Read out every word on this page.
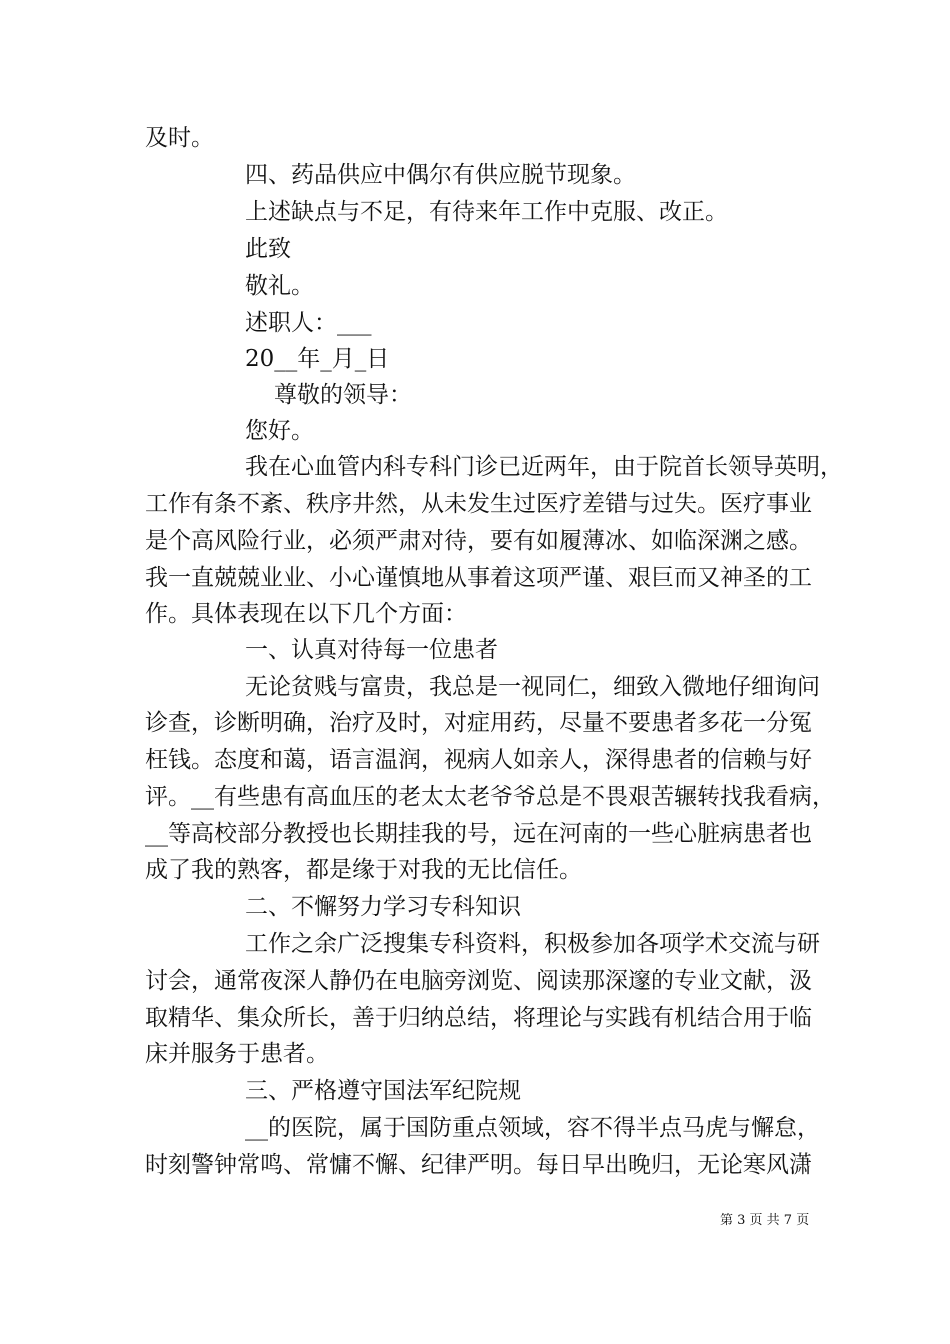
及时。

四、药品供应中偶尔有供应脱节现象。

上述缺点与不足，有待来年工作中克服、改正。

此致

敬礼。

述职人：___

20__年_月_日

尊敬的领导：

您好。

我在心血管内科专科门诊已近两年，由于院首长领导英明，

工作有条不紊、秩序井然，从未发生过医疗差错与过失。医疗事业

是个高风险行业，必须严肃对待，要有如履薄冰、如临深渊之感。

我一直兢兢业业、小心谨慎地从事着这项严谨、艰巨而又神圣的工

作。具体表现在以下几个方面：

一、认真对待每一位患者

无论贫贱与富贵，我总是一视同仁，细致入微地仔细询问

诊查，诊断明确，治疗及时，对症用药，尽量不要患者多花一分冤

枉钱。态度和蔼，语言温润，视病人如亲人，深得患者的信赖与好

评。__有些患有高血压的老太太老爷爷总是不畏艰苦辗转找我看病，

__等高校部分教授也长期挂我的号，远在河南的一些心脏病患者也

成了我的熟客，都是缘于对我的无比信任。

二、不懈努力学习专科知识

工作之余广泛搜集专科资料，积极参加各项学术交流与研

讨会，通常夜深人静仍在电脑旁浏览、阅读那深邃的专业文献，汲

取精华、集众所长，善于归纳总结，将理论与实践有机结合用于临

床并服务于患者。

三、严格遵守国法军纪院规

__的医院，属于国防重点领域，容不得半点马虎与懈怠，

时刻警钟常鸣、常慵不懈、纪律严明。每日早出晚归，无论寒风潇

第 3 页 共 7 页
